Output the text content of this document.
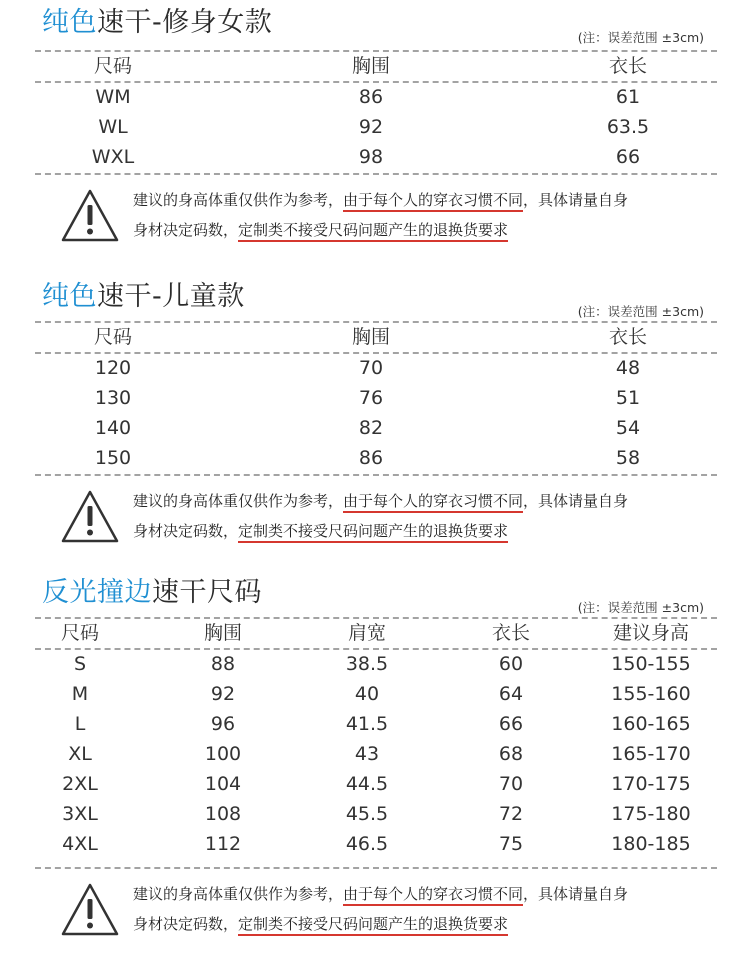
纯色速干-修身女款	(注：误差范围 ±3cm)
尺码	胸围	衣长
WM	86	61
WL	92	63.5
WXL	98	66
建议的身高体重仅供作为参考，由于每个人的穿衣习惯不同，具体请量自身
身材决定码数，定制类不接受尺码问题产生的退换货要求
纯色速干-儿童款	(注：误差范围 ±3cm)
尺码	胸围	衣长
120	70	48
130	76	51
140	82	54
150	86	58
建议的身高体重仅供作为参考，由于每个人的穿衣习惯不同，具体请量自身
身材决定码数，定制类不接受尺码问题产生的退换货要求
反光撞边速干尺码	(注：误差范围 ±3cm)
尺码	胸围	肩宽	衣长	建议身高
S	88	38.5	60	150-155
M	92	40	64	155-160
L	96	41.5	66	160-165
XL	100	43	68	165-170
2XL	104	44.5	70	170-175
3XL	108	45.5	72	175-180
4XL	112	46.5	75	180-185
建议的身高体重仅供作为参考，由于每个人的穿衣习惯不同，具体请量自身
身材决定码数，定制类不接受尺码问题产生的退换货要求
